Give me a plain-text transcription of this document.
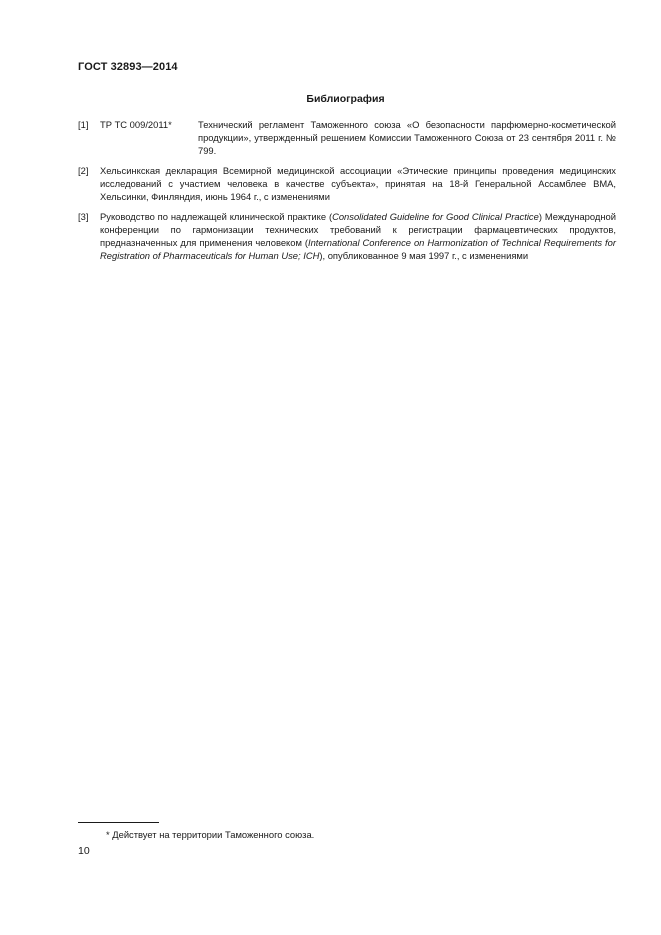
ГОСТ 32893—2014
Библиография
[1]	ТР ТС 009/2011*	Технический регламент Таможенного союза «О безопасности парфюмерно-косметической продукции», утвержденный решением Комиссии Таможенного Союза от 23 сентября 2011 г. № 799.
[2]	Хельсинкская декларация Всемирной медицинской ассоциации «Этические принципы проведения медицинских исследований с участием человека в качестве субъекта», принятая на 18-й Генеральной Ассамблее ВМА, Хельсинки, Финляндия, июнь 1964 г., с изменениями
[3]	Руководство по надлежащей клинической практике (Consolidated Guideline for Good Clinical Practice) Международной конференции по гармонизации технических требований к регистрации фармацевтических продуктов, предназначенных для применения человеком (International Conference on Harmonization of Technical Requirements for Registration of Pharmaceuticals for Human Use; ICH), опубликованное 9 мая 1997 г., с изменениями
* Действует на территории Таможенного союза.
10
